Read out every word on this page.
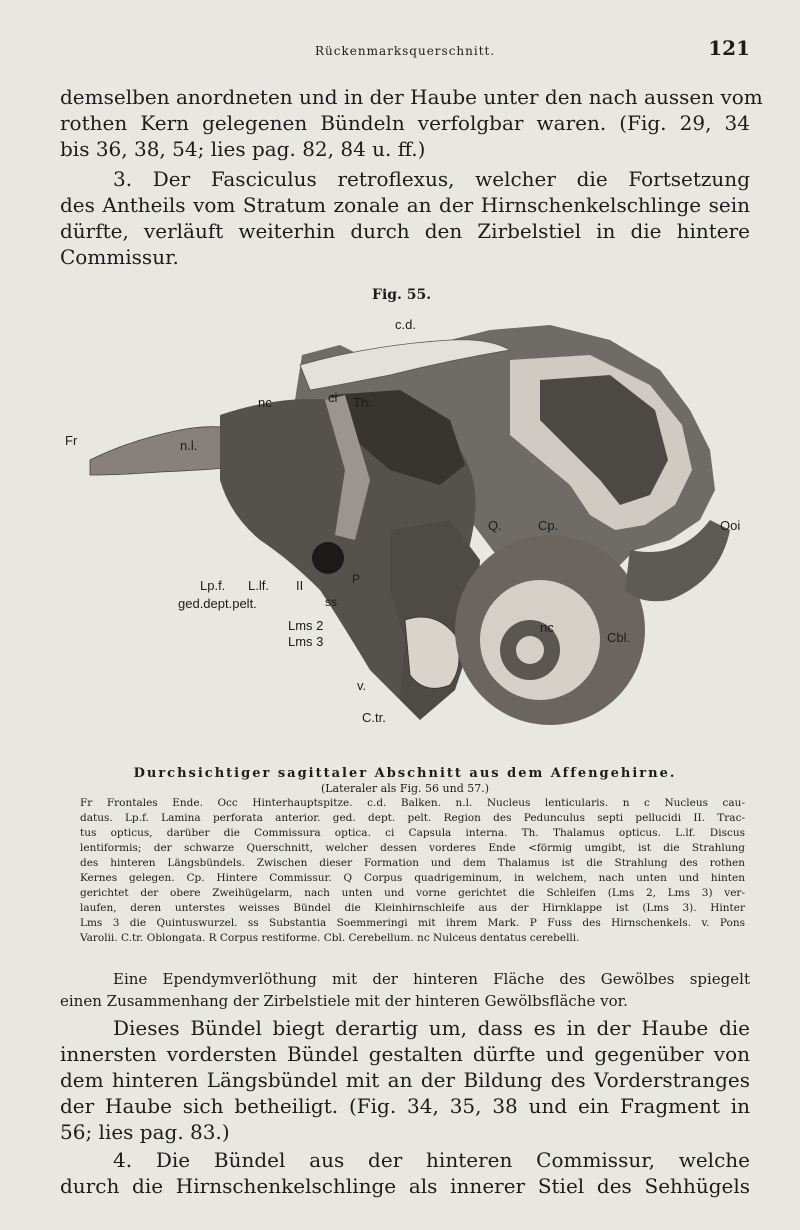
Rückenmarksquerschnitt.	121
demselben anordneten und in der Haube unter den nach aussen vom
rothen Kern gelegenen Bündeln verfolgbar waren. (Fig. 29, 34
bis 36, 38, 54; lies pag. 82, 84 u. ff.)
3. Der Fasciculus retroflexus, welcher die Fortsetzung
des Antheils vom Stratum zonale an der Hirnschenkelschlinge sein
dürfte, verläuft weiterhin durch den Zirbelstiel in die hintere
Commissur.
Fig. 55.
c.d.
nc	ci Th.
Fr	n.l.
Q.	Cp.	Ooi
Lp.f. L.lf. II
ged.dept.pelt.	ss
P
Lms 2
Lms 3
nc
Cbl.
v.
C.tr.
Durchsichtiger sagittaler Abschnitt aus dem Affengehirne.
(Lateraler als Fig. 56 und 57.)
Fr Frontales Ende. Occ Hinterhauptspitze. c.d. Balken. n.l. Nucleus lenticularis. n c Nucleus cau-
datus. Lp.f. Lamina perforata anterior. ged. dept. pelt. Region des Pedunculus septi pellucidi II. Trac-
tus opticus, darüber die Commissura optica. ci Capsula interna. Th. Thalamus opticus. L.lf. Discus
lentiformis; der schwarze Querschnitt, welcher dessen vorderes Ende <förmig umgibt, ist die Strahlung
des hinteren Längsbündels. Zwischen dieser Formation und dem Thalamus ist die Strahlung des rothen
Kernes gelegen. Cp. Hintere Commissur. Q Corpus quadrigeminum, in welchem, nach unten und hinten
gerichtet der obere Zweihügelarm, nach unten und vorne gerichtet die Schleifen (Lms 2, Lms 3) ver-
laufen, deren unterstes weisses Bündel die Kleinhirnschleife aus der Hirnklappe ist (Lms 3). Hinter
Lms 3 die Quintuswurzel. ss Substantia Soemmeringi mit ihrem Mark. P Fuss des Hirnschenkels. v. Pons
Varolii. C.tr. Oblongata. R Corpus restiforme. Cbl. Cerebellum. nc Nulceus dentatus cerebelli.
Eine Ependymverlöthung mit der hinteren Fläche des Gewölbes spiegelt
einen Zusammenhang der Zirbelstiele mit der hinteren Gewölbsfläche vor.
Dieses Bündel biegt derartig um, dass es in der Haube die
innersten vordersten Bündel gestalten dürfte und gegenüber von
dem hinteren Längsbündel mit an der Bildung des Vorderstranges
der Haube sich betheiligt. (Fig. 34, 35, 38 und ein Fragment in
56; lies pag. 83.)
4. Die Bündel aus der hinteren Commissur, welche
durch die Hirnschenkelschlinge als innerer Stiel des Sehhügels
